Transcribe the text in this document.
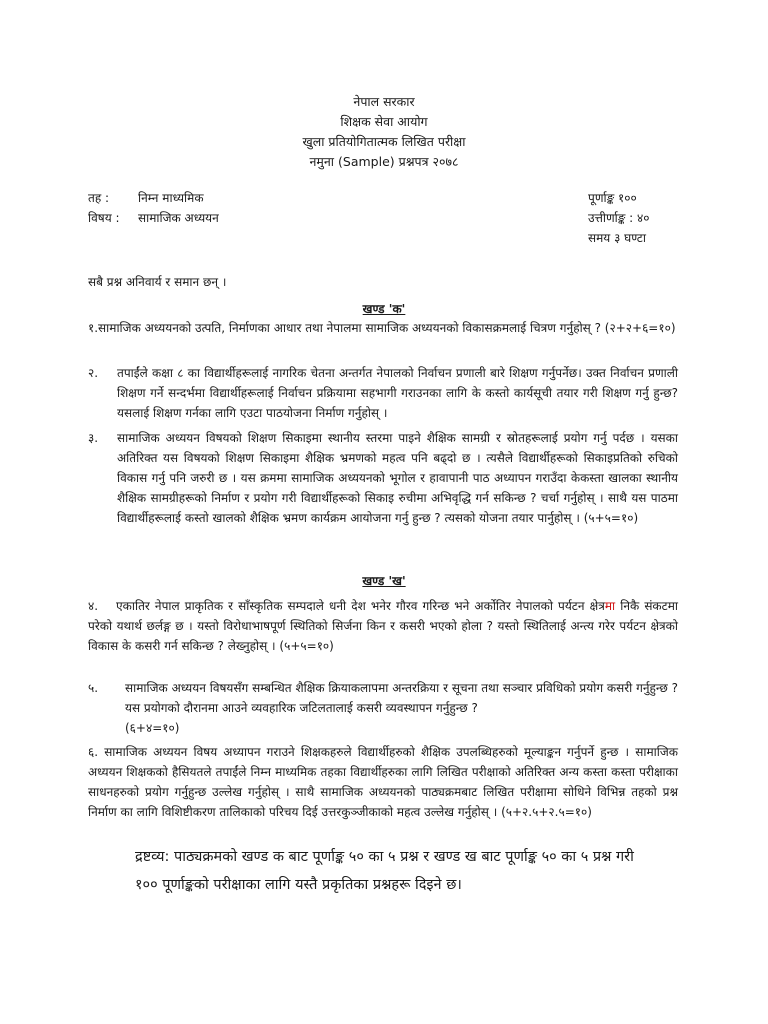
नेपाल सरकार
शिक्षक सेवा आयोग
खुला प्रतियोगितात्मक लिखित परीक्षा
नमुना (Sample) प्रश्नपत्र २०७८
तह : निम्न माध्यमिक
विषय : सामाजिक अध्ययन
पूर्णाङ्क १००
उत्तीर्णाङ्क : ४०
समय ३ घण्टा
सबै प्रश्न अनिवार्य र समान छन् ।
खण्ड 'क'
१.सामाजिक अध्ययनको उत्पति, निर्माणका आधार तथा नेपालमा सामाजिक अध्ययनको विकासक्रमलाई चित्रण गर्नुहोस् ? (२+२+६=१०)
२. तपाईंले कक्षा ८ का विद्यार्थीहरूलाई नागरिक चेतना अन्तर्गत नेपालको निर्वाचन प्रणाली बारे शिक्षण गर्नुपर्नेछ। उक्त निर्वाचन प्रणाली शिक्षण गर्ने सन्दर्भमा विद्यार्थीहरूलाई निर्वाचन प्रक्रियामा सहभागी गराउनका लागि के कस्तो कार्यसूची तयार गरी शिक्षण गर्नु हुन्छ? यसलाई शिक्षण गर्नका लागि एउटा पाठयोजना निर्माण गर्नुहोस् ।
३. सामाजिक अध्ययन विषयको शिक्षण सिकाइमा स्थानीय स्तरमा पाइने शैक्षिक सामग्री र स्रोतहरूलाई प्रयोग गर्नु पर्दछ । यसका अतिरिक्त यस विषयको शिक्षण सिकाइमा शैक्षिक भ्रमणको महत्व पनि बढ्दो छ । त्यसैले विद्यार्थीहरूको सिकाइप्रतिको रुचिको विकास गर्नु पनि जरुरी छ । यस क्रममा सामाजिक अध्ययनको भूगोल र हावापानी पाठ अध्यापन गराउँदा केकस्ता खालका स्थानीय शैक्षिक सामग्रीहरूको निर्माण र प्रयोग गरी विद्यार्थीहरूको सिकाइ रुचीमा अभिवृद्धि गर्न सकिन्छ ? चर्चा गर्नुहोस् । साथै यस पाठमा विद्यार्थीहरूलाई कस्तो खालको शैक्षिक भ्रमण कार्यक्रम आयोजना गर्नु हुन्छ ? त्यसको योजना तयार पार्नुहोस् । (५+५=१०)
खण्ड 'ख'
४.	एकातिर नेपाल प्राकृतिक र साँस्कृतिक सम्पदाले धनी देश भनेर गौरव गरिन्छ भने अर्कोतिर नेपालको पर्यटन क्षेत्रमा निकै संकटमा परेको यथार्थ छर्लङ्ग छ । यस्तो विरोधाभाषपूर्ण स्थितिको सिर्जना किन र कसरी भएको होला ? यस्तो स्थितिलाई अन्त्य गरेर पर्यटन क्षेत्रको विकास के कसरी गर्न सकिन्छ ? लेख्नुहोस् । (५+५=१०)
५. सामाजिक अध्ययन विषयसँग सम्बन्धित शैक्षिक क्रियाकलापमा अन्तरक्रिया र सूचना तथा सञ्चार प्रविधिको प्रयोग कसरी गर्नुहुन्छ ? यस प्रयोगको दौरानमा आउने व्यवहारिक जटिलतालाई कसरी व्यवस्थापन गर्नुहुन्छ ?
(६+४=१०)
६. सामाजिक अध्ययन विषय अध्यापन गराउने शिक्षकहरुले विद्यार्थीहरुको शैक्षिक उपलब्धिहरुको मूल्याङ्कन गर्नुपर्ने हुन्छ । सामाजिक अध्ययन शिक्षकको हैसियतले तपाईंले निम्न माध्यमिक तहका विद्यार्थीहरुका लागि लिखित परीक्षाको अतिरिक्त अन्य कस्ता कस्ता परीक्षाका साधनहरुको प्रयोग गर्नुहुन्छ उल्लेख गर्नुहोस् । साथै सामाजिक अध्ययनको पाठ्यक्रमबाट लिखित परीक्षामा सोधिने विभिन्न तहको प्रश्न निर्माण का लागि विशिष्टीकरण तालिकाको परिचय दिई उत्तरकुञ्जीकाको महत्व उल्लेख गर्नुहोस् । (५+२.५+२.५=१०)
द्रष्टव्य: पाठ्यक्रमको खण्ड क बाट पूर्णाङ्क ५० का ५ प्रश्न र खण्ड ख बाट पूर्णाङ्क ५० का ५ प्रश्न गरी
१०० पूर्णाङ्कको परीक्षाका लागि यस्तै प्रकृतिका प्रश्नहरू दिइने छ।
